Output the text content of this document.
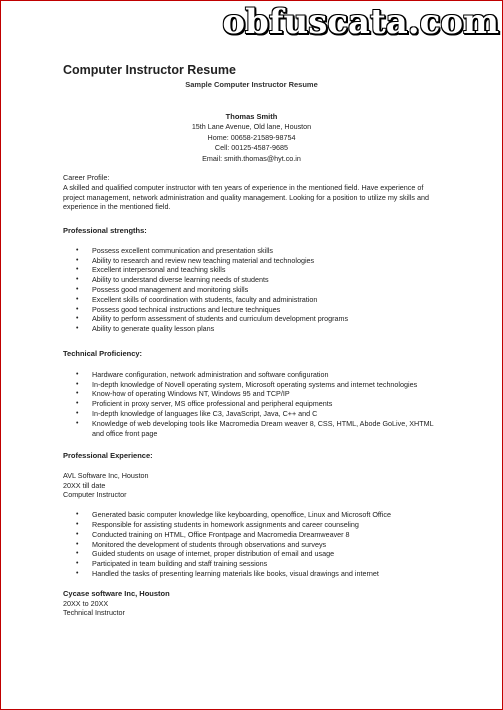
obfuscata.com
Computer Instructor Resume
Sample Computer Instructor Resume
Thomas Smith
15th Lane Avenue, Old lane, Houston
Home: 00658-21589-98754
Cell: 00125-4587-9685
Email: smith.thomas@hyt.co.in
Career Profile:
A skilled and qualified computer instructor with ten years of experience in the mentioned field. Have experience of project management, network administration and quality management. Looking for a position to utilize my skills and experience in the mentioned field.
Professional strengths:
• Possess excellent communication and presentation skills
• Ability to research and review new teaching material and technologies
• Excellent interpersonal and teaching skills
• Ability to understand diverse learning needs of students
• Possess good management and monitoring skills
• Excellent skills of coordination with students, faculty and administration
• Possess good technical instructions and lecture techniques
• Ability to perform assessment of students and curriculum development programs
• Ability to generate quality lesson plans
Technical Proficiency:
• Hardware configuration, network administration and software configuration
• In-depth knowledge of Novell operating system, Microsoft operating systems and internet technologies
• Know-how of operating Windows NT, Windows 95 and TCP/IP
• Proficient in proxy server, MS office professional and peripheral equipments
• In-depth knowledge of languages like C3, JavaScript, Java, C++ and C
• Knowledge of web developing tools like Macromedia Dream weaver 8, CSS, HTML, Abode GoLive, XHTML and office front page
Professional Experience:
AVL Software Inc, Houston
20XX till date
Computer Instructor
• Generated basic computer knowledge like keyboarding, openoffice, Linux and Microsoft Office
• Responsible for assisting students in homework assignments and career counseling
• Conducted training on HTML, Office Frontpage and Macromedia Dreamweaver 8
• Monitored the development of students through observations and surveys
• Guided students on usage of internet, proper distribution of email and usage
• Participated in team building and staff training sessions
• Handled the tasks of presenting learning materials like books, visual drawings and internet
Cycase software Inc, Houston
20XX to 20XX
Technical Instructor
